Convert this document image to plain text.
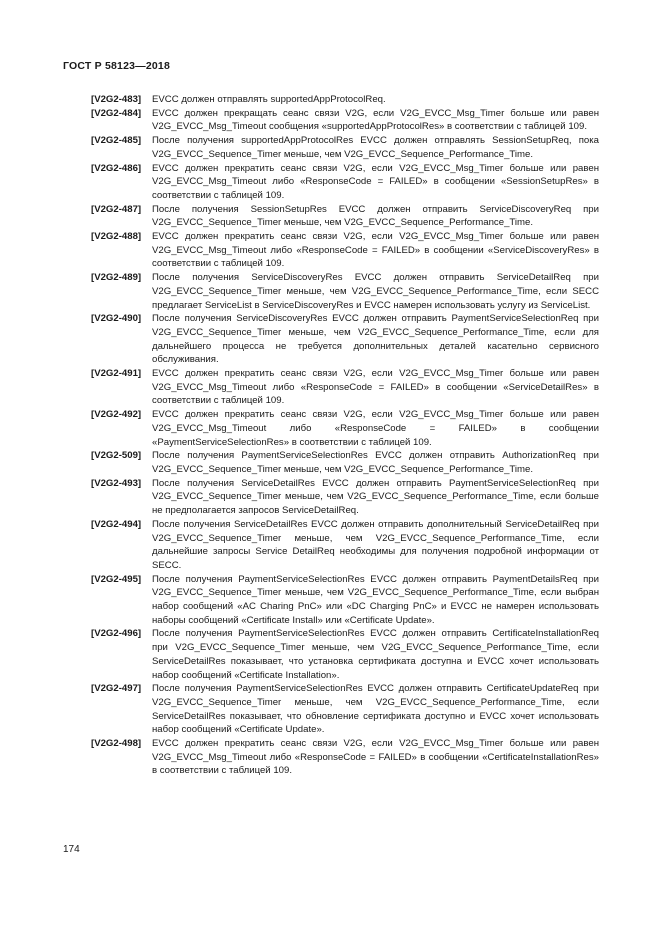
ГОСТ Р 58123—2018
[V2G2-483]	EVCC должен отправлять supportedAppProtocolReq.
[V2G2-484]	EVCC должен прекращать сеанс связи V2G, если V2G_EVCC_Msg_Timer больше или равен V2G_EVCC_Msg_Timeout сообщения «supportedAppProtocolRes» в соответствии с таблицей 109.
[V2G2-485]	После получения supportedAppProtocolRes EVCC должен отправлять SessionSetupReq, пока V2G_EVCC_Sequence_Timer меньше, чем V2G_EVCC_Sequence_Performance_Time.
[V2G2-486]	EVCC должен прекратить сеанс связи V2G, если V2G_EVCC_Msg_Timer больше или равен V2G_EVCC_Msg_Timeout либо «ResponseCode = FAILED» в сообщении «SessionSetupRes» в соответствии с таблицей 109.
[V2G2-487]	После получения SessionSetupRes EVCC должен отправить ServiceDiscoveryReq при V2G_EVCC_Sequence_Timer меньше, чем V2G_EVCC_Sequence_Performance_Time.
[V2G2-488]	EVCC должен прекратить сеанс связи V2G, если V2G_EVCC_Msg_Timer больше или равен V2G_EVCC_Msg_Timeout либо «ResponseCode = FAILED» в сообщении «ServiceDiscoveryRes» в соответствии с таблицей 109.
[V2G2-489]	После получения ServiceDiscoveryRes EVCC должен отправить ServiceDetailReq при V2G_EVCC_Sequence_Timer меньше, чем V2G_EVCC_Sequence_Performance_Time, если SECC предлагает ServiceList в ServiceDiscoveryRes и EVCC намерен использовать услугу из ServiceList.
[V2G2-490]	После получения ServiceDiscoveryRes EVCC должен отправить PaymentServiceSelectionReq при V2G_EVCC_Sequence_Timer меньше, чем V2G_EVCC_Sequence_Performance_Time, если для дальнейшего процесса не требуется дополнительных деталей касательно сервисного обслуживания.
[V2G2-491]	EVCC должен прекратить сеанс связи V2G, если V2G_EVCC_Msg_Timer больше или равен V2G_EVCC_Msg_Timeout либо «ResponseCode = FAILED» в сообщении «ServiceDetailRes» в соответствии с таблицей 109.
[V2G2-492]	EVCC должен прекратить сеанс связи V2G, если V2G_EVCC_Msg_Timer больше или равен V2G_EVCC_Msg_Timeout либо «ResponseCode = FAILED» в сообщении «PaymentServiceSelectionRes» в соответствии с таблицей 109.
[V2G2-509]	После получения PaymentServiceSelectionRes EVCC должен отправить AuthorizationReq при V2G_EVCC_Sequence_Timer меньше, чем V2G_EVCC_Sequence_Performance_Time.
[V2G2-493]	После получения ServiceDetailRes EVCC должен отправить PaymentServiceSelectionReq при V2G_EVCC_Sequence_Timer меньше, чем V2G_EVCC_Sequence_Performance_Time, если больше не предполагается запросов ServiceDetailReq.
[V2G2-494]	После получения ServiceDetailRes EVCC должен отправить дополнительный ServiceDetailReq при V2G_EVCC_Sequence_Timer меньше, чем V2G_EVCC_Sequence_Performance_Time, если дальнейшие запросы Service DetailReq необходимы для получения подробной информации от SECC.
[V2G2-495]	После получения PaymentServiceSelectionRes EVCC должен отправить PaymentDetailsReq при V2G_EVCC_Sequence_Timer меньше, чем V2G_EVCC_Sequence_Performance_Time, если выбран набор сообщений «AC Charing PnC» или «DC Charging PnC» и EVCC не намерен использовать наборы сообщений «Certificate Install» или «Certificate Update».
[V2G2-496]	После получения PaymentServiceSelectionRes EVCC должен отправить CertificateInstallationReq при V2G_EVCC_Sequence_Timer меньше, чем V2G_EVCC_Sequence_Performance_Time, если ServiceDetailRes показывает, что установка сертификата доступна и EVCC хочет использовать набор сообщений «Certificate Installation».
[V2G2-497]	После получения PaymentServiceSelectionRes EVCC должен отправить CertificateUpdateReq при V2G_EVCC_Sequence_Timer меньше, чем V2G_EVCC_Sequence_Performance_Time, если ServiceDetailRes показывает, что обновление сертификата доступно и EVCC хочет использовать набор сообщений «Certificate Update».
[V2G2-498]	EVCC должен прекратить сеанс связи V2G, если V2G_EVCC_Msg_Timer больше или равен V2G_EVCC_Msg_Timeout либо «ResponseCode = FAILED» в сообщении «CertificateInstallationRes» в соответствии с таблицей 109.
174
